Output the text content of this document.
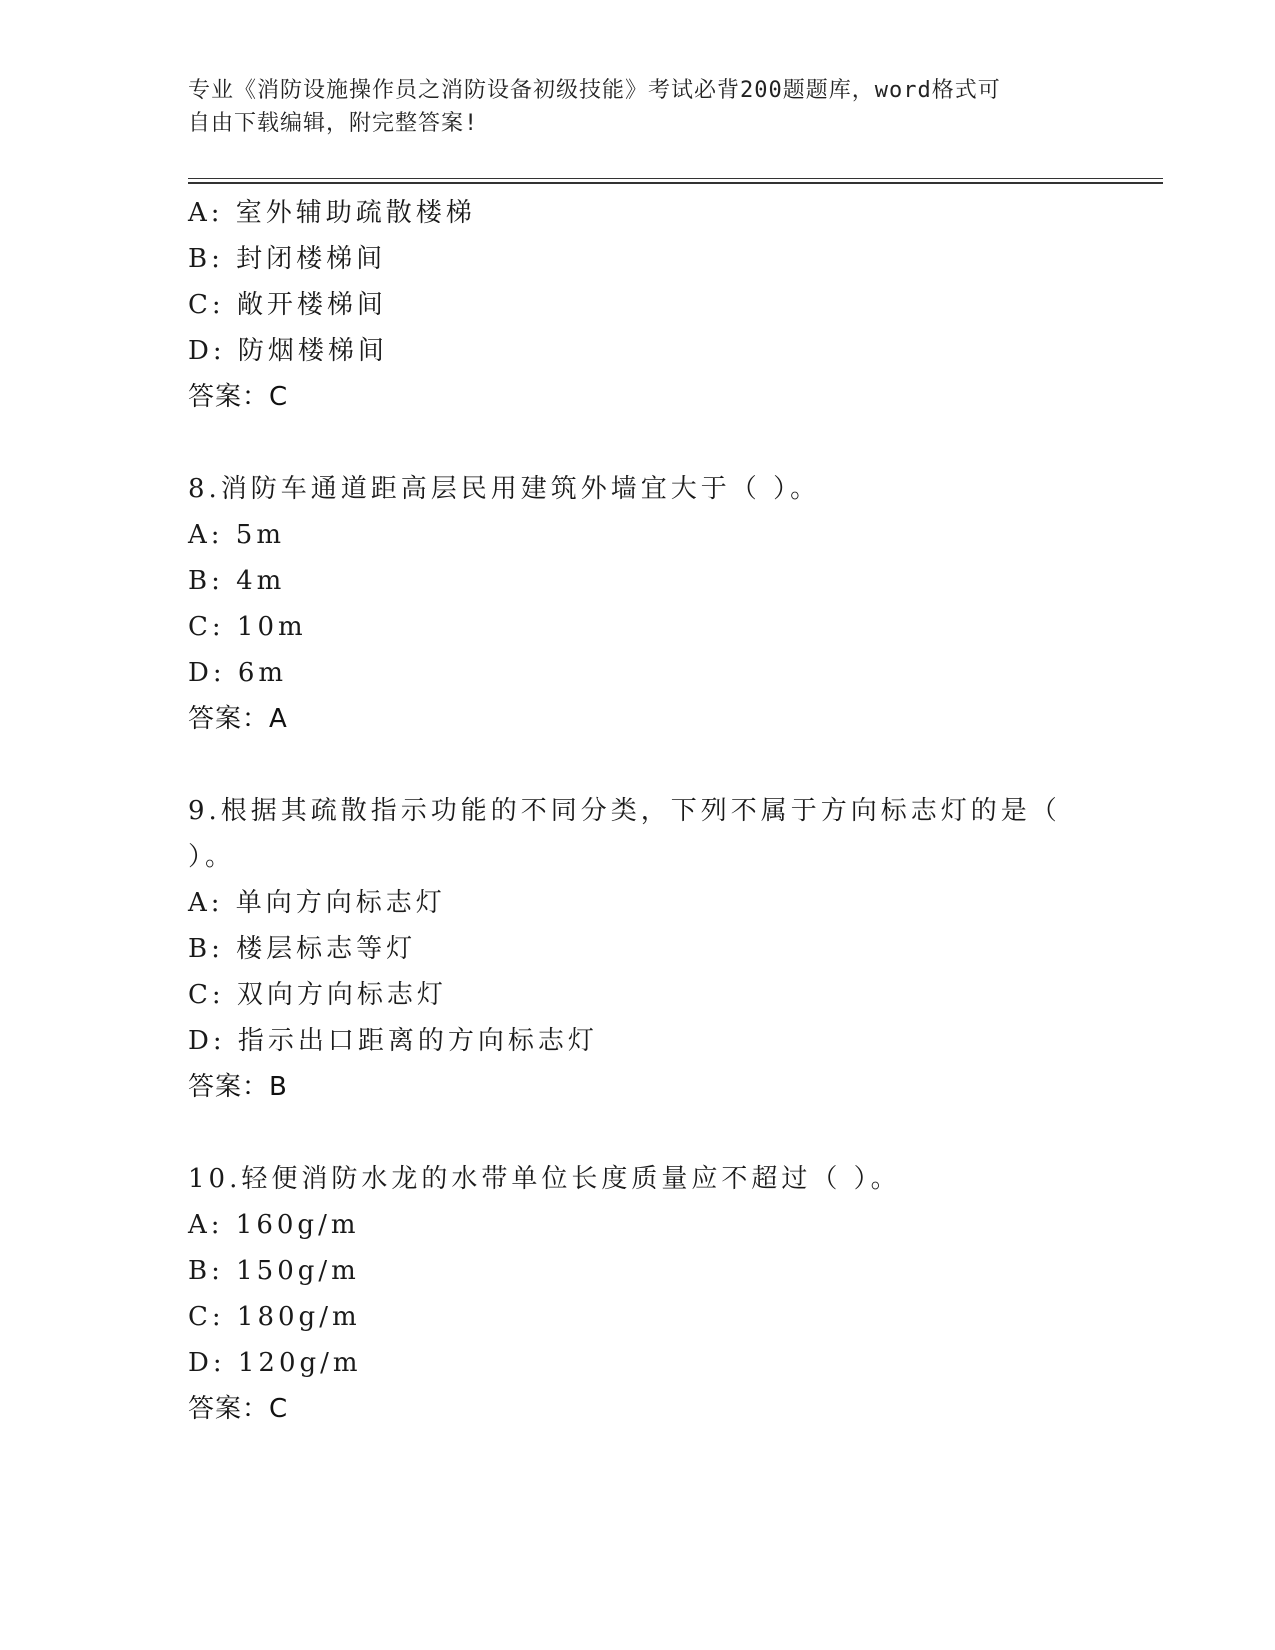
专业《消防设施操作员之消防设备初级技能》考试必背200题题库，word格式可
自由下载编辑，附完整答案!
A: 室外辅助疏散楼梯
B: 封闭楼梯间
C: 敞开楼梯间
D: 防烟楼梯间
答案：C
8.消防车通道距高层民用建筑外墙宜大于（ ）。
A: 5m
B: 4m
C: 10m
D: 6m
答案：A
9.根据其疏散指示功能的不同分类，下列不属于方向标志灯的是（
）。
A: 单向方向标志灯
B: 楼层标志等灯
C: 双向方向标志灯
D: 指示出口距离的方向标志灯
答案：B
10.轻便消防水龙的水带单位长度质量应不超过（ ）。
A: 160g/m
B: 150g/m
C: 180g/m
D: 120g/m
答案：C
